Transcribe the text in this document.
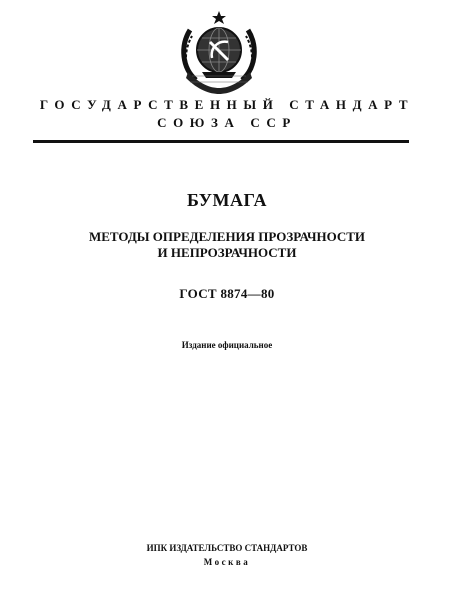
ГОСУДАРСТВЕННЫЙ СТАНДАРТ
СОЮЗА ССР
БУМАГА
МЕТОДЫ ОПРЕДЕЛЕНИЯ ПРОЗРАЧНОСТИ
И НЕПРОЗРАЧНОСТИ
ГОСТ 8874—80
Издание официальное
ИПК ИЗДАТЕЛЬСТВО СТАНДАРТОВ
Москва
